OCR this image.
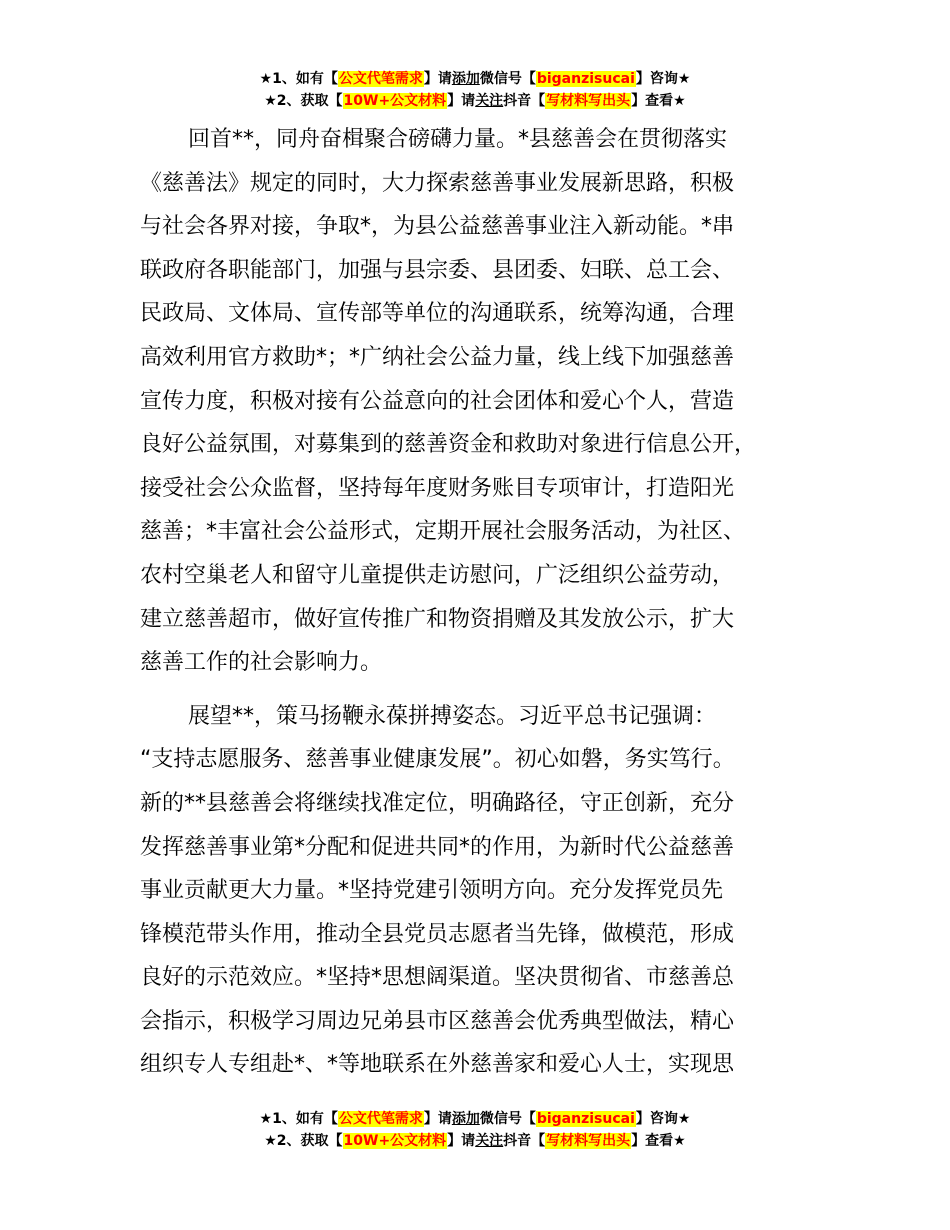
★1、如有【公文代笔需求】请添加微信号【biganzisucai】咨询★
★2、获取【10W+公文材料】请关注抖音【写材料写出头】查看★

回首**，同舟奋楫聚合磅礴力量。*县慈善会在贯彻落实
《慈善法》规定的同时，大力探索慈善事业发展新思路，积极
与社会各界对接，争取*，为县公益慈善事业注入新动能。*串
联政府各职能部门，加强与县宗委、县团委、妇联、总工会、
民政局、文体局、宣传部等单位的沟通联系，统筹沟通，合理
高效利用官方救助*；*广纳社会公益力量，线上线下加强慈善
宣传力度，积极对接有公益意向的社会团体和爱心个人，营造
良好公益氛围，对募集到的慈善资金和救助对象进行信息公开，
接受社会公众监督，坚持每年度财务账目专项审计，打造阳光
慈善；*丰富社会公益形式，定期开展社会服务活动，为社区、
农村空巢老人和留守儿童提供走访慰问，广泛组织公益劳动，
建立慈善超市，做好宣传推广和物资捐赠及其发放公示，扩大
慈善工作的社会影响力。

展望**，策马扬鞭永葆拼搏姿态。习近平总书记强调：
“支持志愿服务、慈善事业健康发展”。初心如磐，务实笃行。
新的**县慈善会将继续找准定位，明确路径，守正创新，充分
发挥慈善事业第*分配和促进共同*的作用，为新时代公益慈善
事业贡献更大力量。*坚持党建引领明方向。充分发挥党员先
锋模范带头作用，推动全县党员志愿者当先锋，做模范，形成
良好的示范效应。*坚持*思想阔渠道。坚决贯彻省、市慈善总
会指示，积极学习周边兄弟县市区慈善会优秀典型做法，精心
组织专人专组赴*、*等地联系在外慈善家和爱心人士，实现思

★1、如有【公文代笔需求】请添加微信号【biganzisucai】咨询★
★2、获取【10W+公文材料】请关注抖音【写材料写出头】查看★
